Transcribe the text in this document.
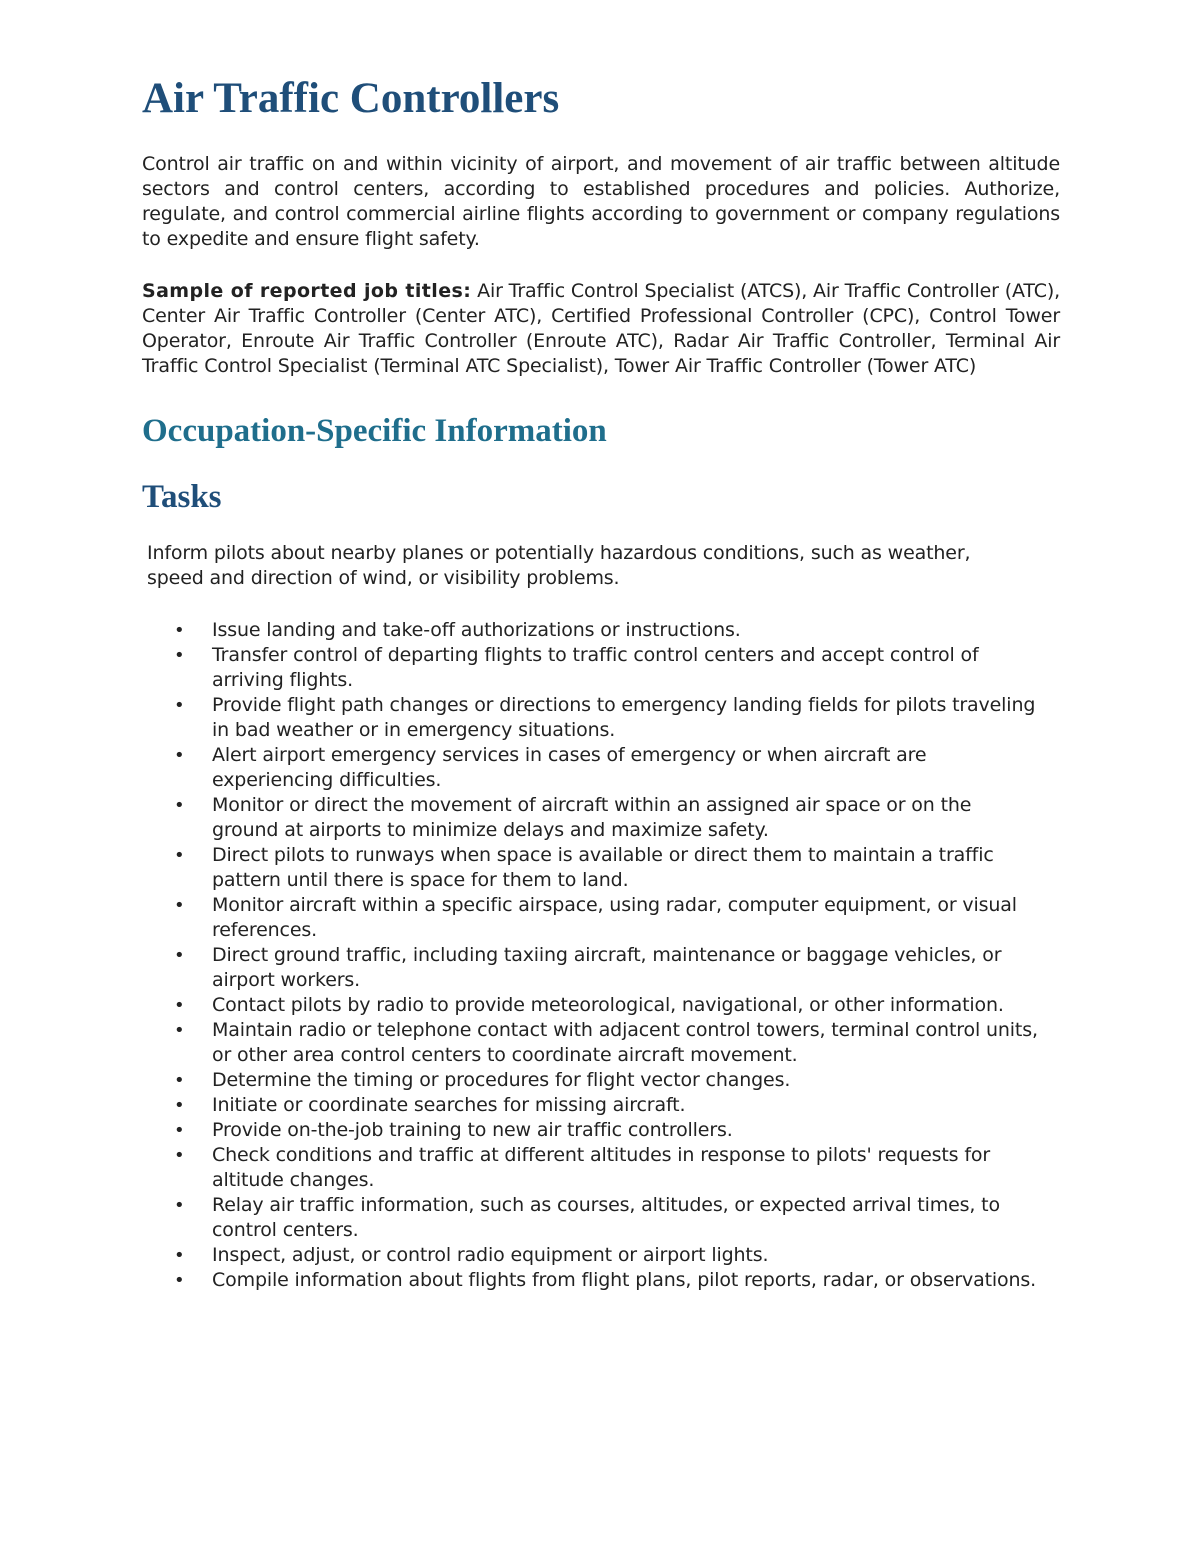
Air Traffic Controllers

Control air traffic on and within vicinity of airport, and movement of air traffic between altitude sectors and control centers, according to established procedures and policies. Authorize, regulate, and control commercial airline flights according to government or company regulations to expedite and ensure flight safety.

Sample of reported job titles: Air Traffic Control Specialist (ATCS), Air Traffic Controller (ATC), Center Air Traffic Controller (Center ATC), Certified Professional Controller (CPC), Control Tower Operator, Enroute Air Traffic Controller (Enroute ATC), Radar Air Traffic Controller, Terminal Air Traffic Control Specialist (Terminal ATC Specialist), Tower Air Traffic Controller (Tower ATC)

Occupation-Specific Information
Tasks

Inform pilots about nearby planes or potentially hazardous conditions, such as weather, speed and direction of wind, or visibility problems.

• Issue landing and take-off authorizations or instructions.
• Transfer control of departing flights to traffic control centers and accept control of arriving flights.
• Provide flight path changes or directions to emergency landing fields for pilots traveling in bad weather or in emergency situations.
• Alert airport emergency services in cases of emergency or when aircraft are experiencing difficulties.
• Monitor or direct the movement of aircraft within an assigned air space or on the ground at airports to minimize delays and maximize safety.
• Direct pilots to runways when space is available or direct them to maintain a traffic pattern until there is space for them to land.
• Monitor aircraft within a specific airspace, using radar, computer equipment, or visual references.
• Direct ground traffic, including taxiing aircraft, maintenance or baggage vehicles, or airport workers.
• Contact pilots by radio to provide meteorological, navigational, or other information.
• Maintain radio or telephone contact with adjacent control towers, terminal control units, or other area control centers to coordinate aircraft movement.
• Determine the timing or procedures for flight vector changes.
• Initiate or coordinate searches for missing aircraft.
• Provide on-the-job training to new air traffic controllers.
• Check conditions and traffic at different altitudes in response to pilots' requests for altitude changes.
• Relay air traffic information, such as courses, altitudes, or expected arrival times, to control centers.
• Inspect, adjust, or control radio equipment or airport lights.
• Compile information about flights from flight plans, pilot reports, radar, or observations.
